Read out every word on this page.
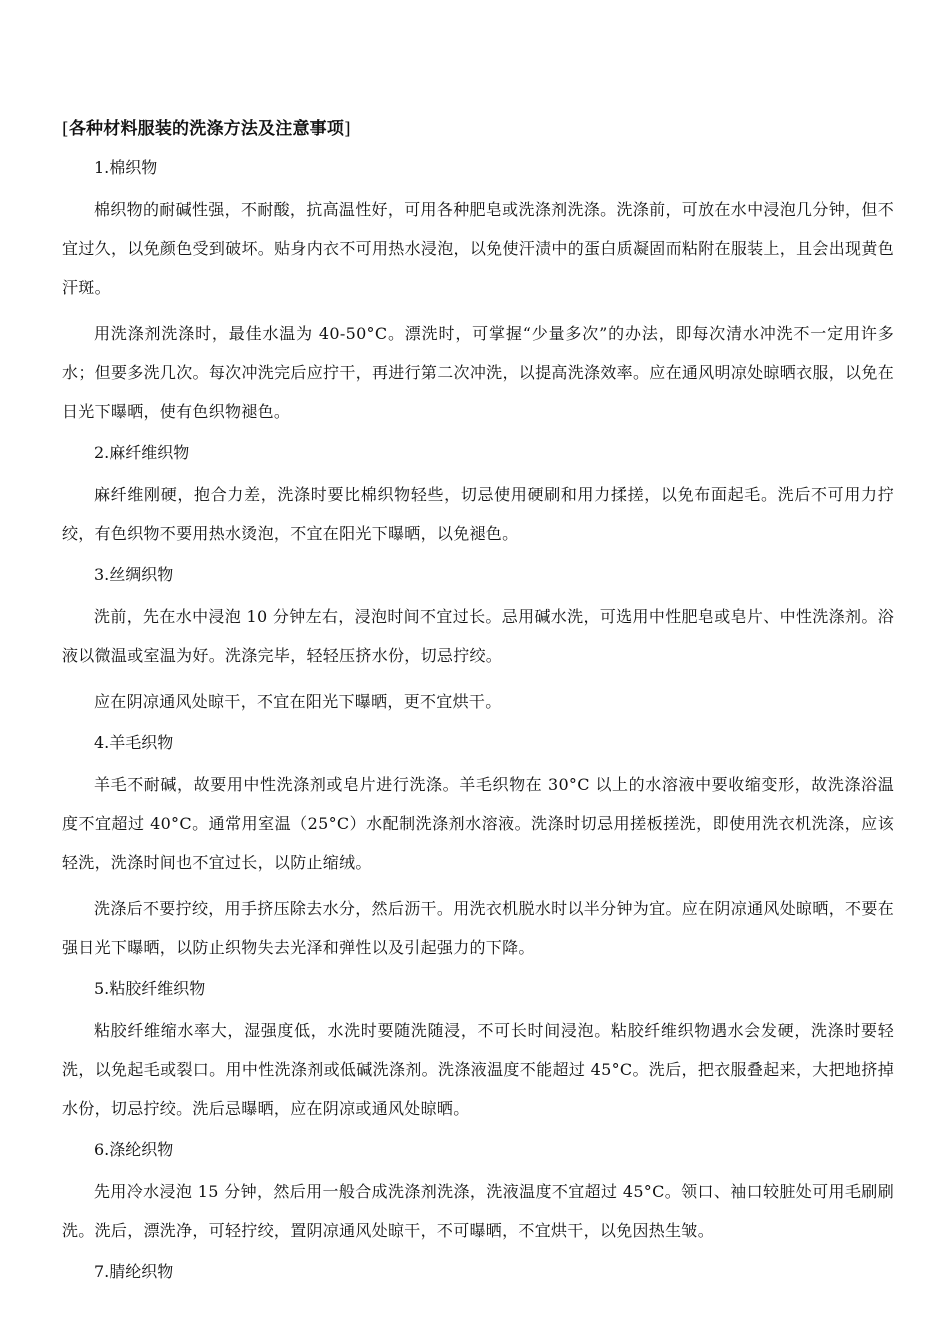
[各种材料服装的洗涤方法及注意事项]

1.棉织物

棉织物的耐碱性强，不耐酸，抗高温性好，可用各种肥皂或洗涤剂洗涤。洗涤前，可放在水中浸泡几分钟，但不宜过久，以免颜色受到破坏。贴身内衣不可用热水浸泡，以免使汗渍中的蛋白质凝固而粘附在服装上，且会出现黄色汗斑。

用洗涤剂洗涤时，最佳水温为 40-50°C。漂洗时，可掌握“少量多次”的办法，即每次清水冲洗不一定用许多水；但要多洗几次。每次冲洗完后应拧干，再进行第二次冲洗，以提高洗涤效率。应在通风明凉处晾晒衣服，以免在日光下曝晒，使有色织物褪色。

2.麻纤维织物

麻纤维刚硬，抱合力差，洗涤时要比棉织物轻些，切忌使用硬刷和用力揉搓，以免布面起毛。洗后不可用力拧绞，有色织物不要用热水烫泡，不宜在阳光下曝晒，以免褪色。

3.丝绸织物

洗前，先在水中浸泡 10 分钟左右，浸泡时间不宜过长。忌用碱水洗，可选用中性肥皂或皂片、中性洗涤剂。浴液以微温或室温为好。洗涤完毕，轻轻压挤水份，切忌拧绞。

应在阴凉通风处晾干，不宜在阳光下曝晒，更不宜烘干。

4.羊毛织物

羊毛不耐碱，故要用中性洗涤剂或皂片进行洗涤。羊毛织物在 30°C 以上的水溶液中要收缩变形，故洗涤浴温度不宜超过 40°C。通常用室温（25°C）水配制洗涤剂水溶液。洗涤时切忌用搓板搓洗，即使用洗衣机洗涤，应该轻洗，洗涤时间也不宜过长，以防止缩绒。

洗涤后不要拧绞，用手挤压除去水分，然后沥干。用洗衣机脱水时以半分钟为宜。应在阴凉通风处晾晒，不要在强日光下曝晒，以防止织物失去光泽和弹性以及引起强力的下降。

5.粘胶纤维织物

粘胶纤维缩水率大，湿强度低，水洗时要随洗随浸，不可长时间浸泡。粘胶纤维织物遇水会发硬，洗涤时要轻洗，以免起毛或裂口。用中性洗涤剂或低碱洗涤剂。洗涤液温度不能超过 45°C。洗后，把衣服叠起来，大把地挤掉水份，切忌拧绞。洗后忌曝晒，应在阴凉或通风处晾晒。

6.涤纶织物

先用冷水浸泡 15 分钟，然后用一般合成洗涤剂洗涤，洗液温度不宜超过 45°C。领口、袖口较脏处可用毛刷刷洗。洗后，漂洗净，可轻拧绞，置阴凉通风处晾干，不可曝晒，不宜烘干，以免因热生皱。

7.腈纶织物
